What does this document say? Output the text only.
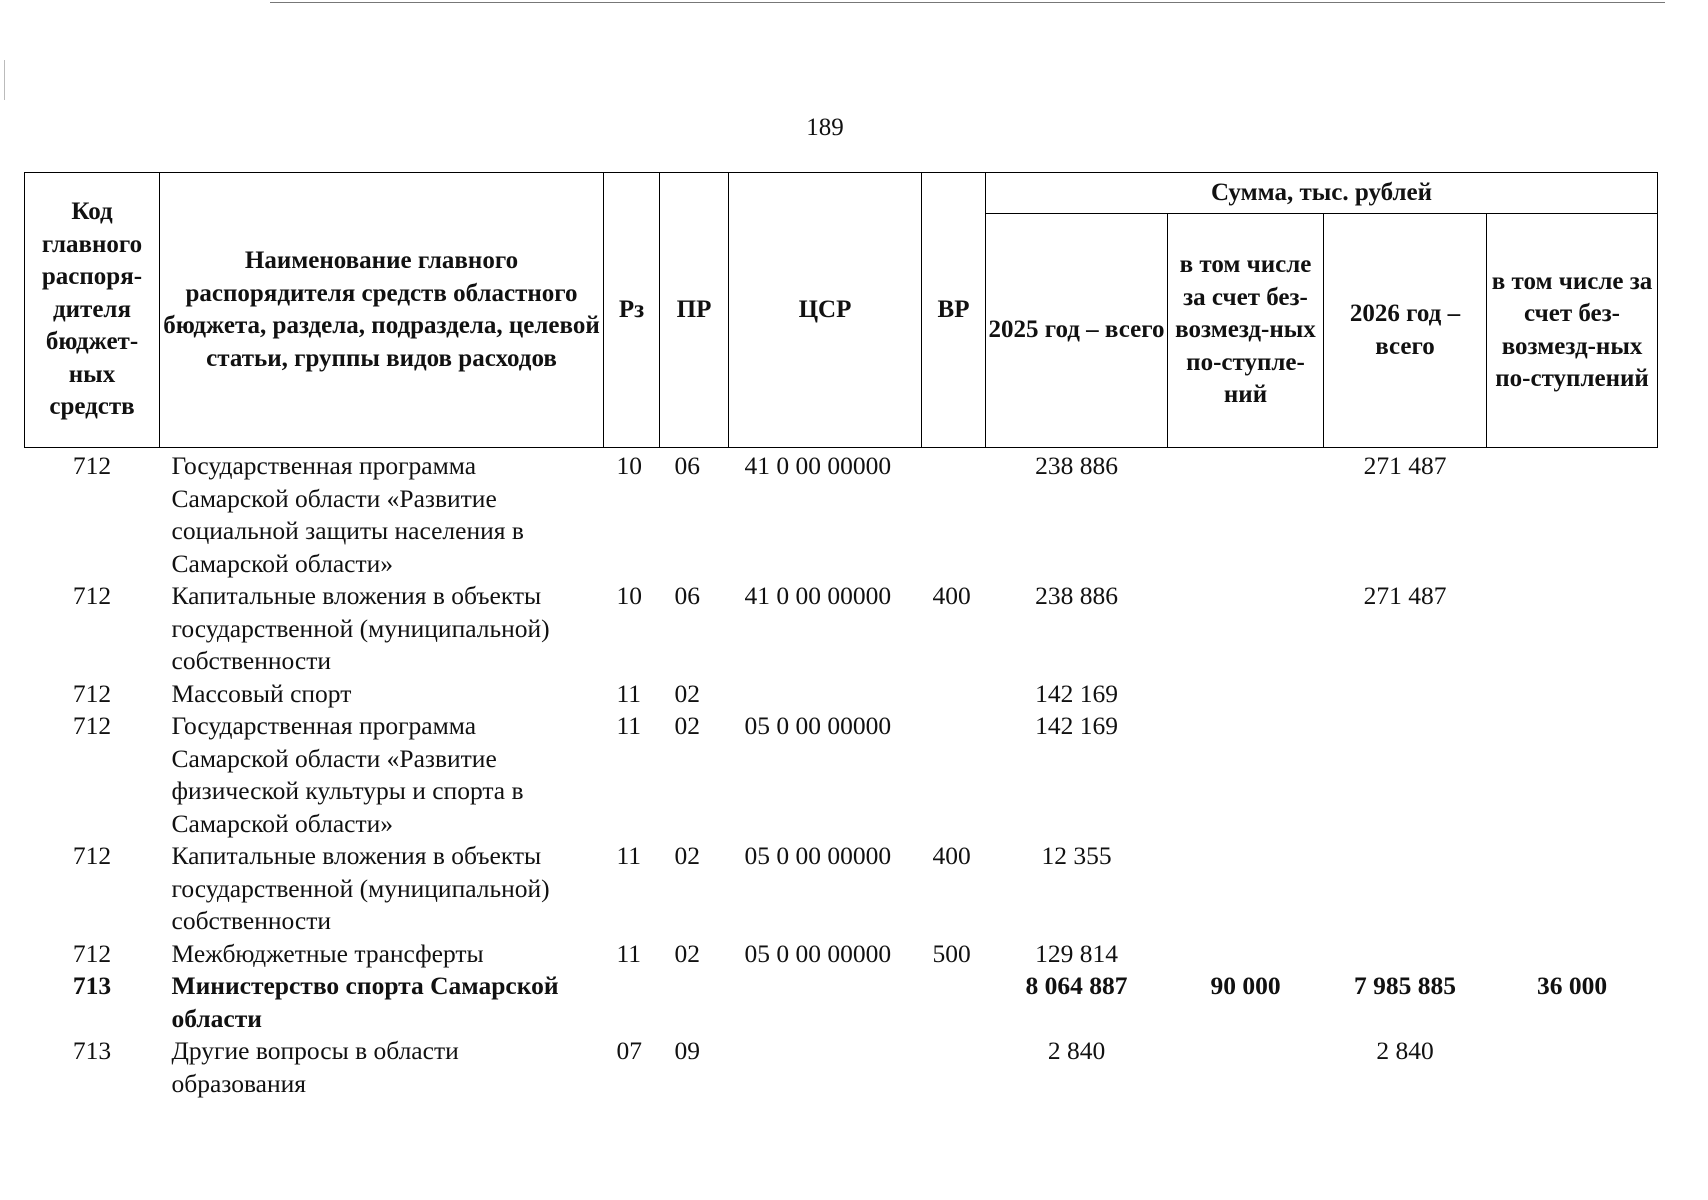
189
Код главного распоря-дителя бюджет-ных средств	Наименование главного распорядителя средств областного бюджета, раздела, подраздела, целевой статьи, группы видов расходов	Рз	ПР	ЦСР	ВР	Сумма, тыс. рублей			
						2025 год – всего	в том числе за счет без-возмезд-ных по-ступле-ний	2026 год – всего	в том числе за счет без-возмезд-ных по-ступлений
712	Государственная программа Самарской области «Развитие социальной защиты населения в Самарской области»	10	06	41 0 00 00000		238 886		271 487	
712	Капитальные вложения в объекты государственной (муниципальной) собственности	10	06	41 0 00 00000	400	238 886		271 487	
712	Массовый спорт	11	02			142 169			
712	Государственная программа Самарской области «Развитие физической культуры и спорта в Самарской области»	11	02	05 0 00 00000		142 169			
712	Капитальные вложения в объекты государственной (муниципальной) собственности	11	02	05 0 00 00000	400	12 355			
712	Межбюджетные трансферты	11	02	05 0 00 00000	500	129 814			
713	Министерство спорта Самарской области					8 064 887	90 000	7 985 885	36 000
713	Другие вопросы в области образования	07	09			2 840		2 840	
